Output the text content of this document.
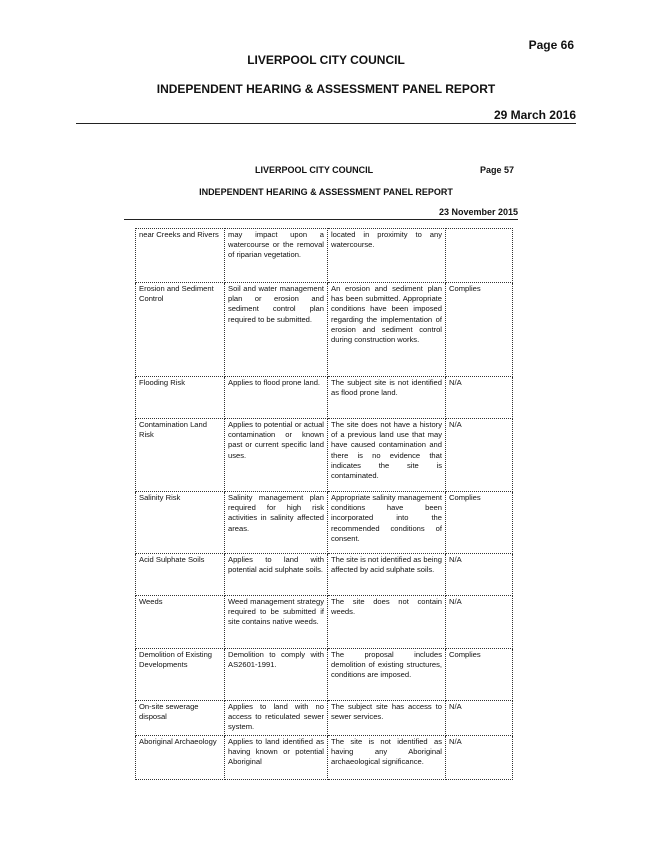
Page 66
LIVERPOOL CITY COUNCIL
INDEPENDENT HEARING & ASSESSMENT PANEL REPORT
29 March 2016
LIVERPOOL CITY COUNCIL	Page 57
INDEPENDENT HEARING & ASSESSMENT PANEL REPORT
23 November 2015
near Creeks and Rivers	may impact upon a watercourse or the removal of riparian vegetation.	located in proximity to any watercourse.	
Erosion and Sediment Control	Soil and water management plan or erosion and sediment control plan required to be submitted.	An erosion and sediment plan has been submitted. Appropriate conditions have been imposed regarding the implementation of erosion and sediment control during construction works.	Complies
Flooding Risk	Applies to flood prone land.	The subject site is not identified as flood prone land.	N/A
Contamination Land Risk	Applies to potential or actual contamination or known past or current specific land uses.	The site does not have a history of a previous land use that may have caused contamination and there is no evidence that indicates the site is contaminated.	N/A
Salinity Risk	Salinity management plan required for high risk activities in salinity affected areas.	Appropriate salinity management conditions have been incorporated into the recommended conditions of consent.	Complies
Acid Sulphate Soils	Applies to land with potential acid sulphate soils.	The site is not identified as being affected by acid sulphate soils.	N/A
Weeds	Weed management strategy required to be submitted if site contains native weeds.	The site does not contain weeds.	N/A
Demolition of Existing Developments	Demolition to comply with AS2601-1991.	The proposal includes demolition of existing structures, conditions are imposed.	Complies
On-site sewerage disposal	Applies to land with no access to reticulated sewer system.	The subject site has access to sewer services.	N/A
Aboriginal Archaeology	Applies to land identified as having known or potential Aboriginal	The site is not identified as having any Aboriginal archaeological significance.	N/A
